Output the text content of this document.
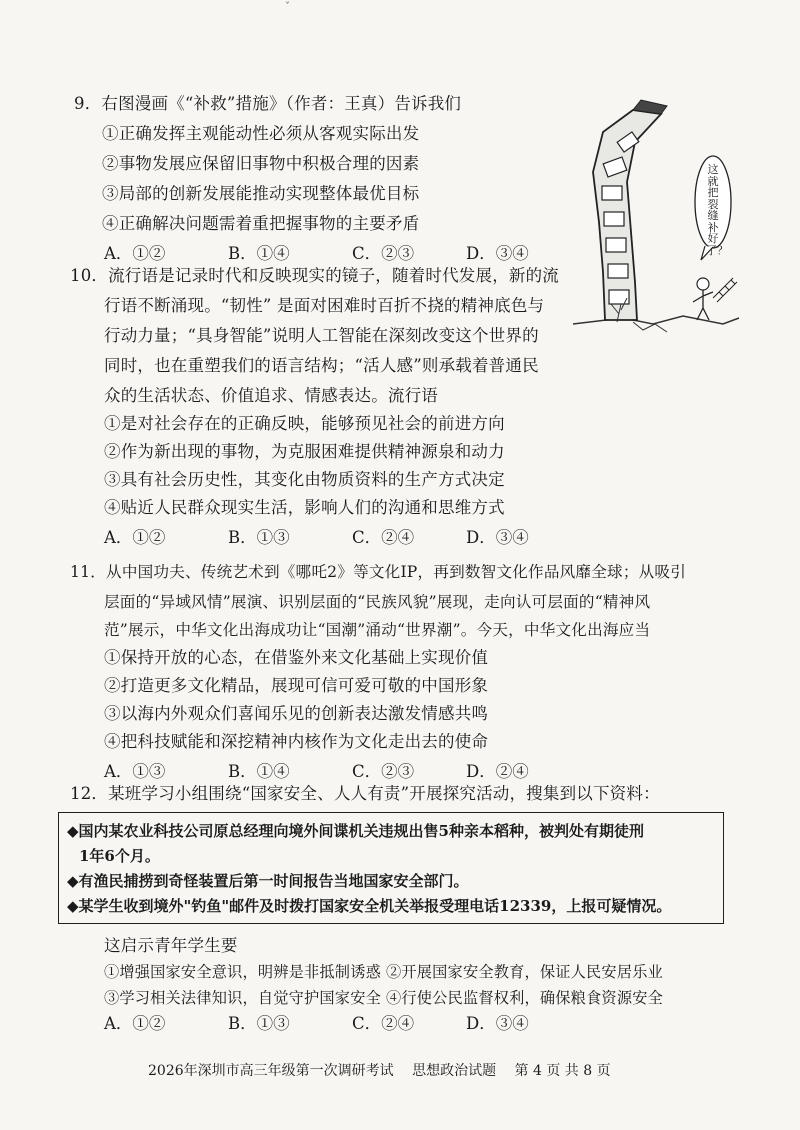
ˇ
9．右图漫画《“补救”措施》（作者：王真）告诉我们
①正确发挥主观能动性必须从客观实际出发
②事物发展应保留旧事物中积极合理的因素
③局部的创新发展能推动实现整体最优目标
④正确解决问题需着重把握事物的主要矛盾
A．①②	B．①④	C．②③	D．③④
这就把裂缝补好了？
10．流行语是记录时代和反映现实的镜子，随着时代发展，新的流
行语不断涌现。“韧性” 是面对困难时百折不挠的精神底色与
行动力量；“具身智能”说明人工智能在深刻改变这个世界的
同时，也在重塑我们的语言结构；“活人感”则承载着普通民
众的生活状态、价值追求、情感表达。流行语
①是对社会存在的正确反映，能够预见社会的前进方向
②作为新出现的事物，为克服困难提供精神源泉和动力
③具有社会历史性，其变化由物质资料的生产方式决定
④贴近人民群众现实生活，影响人们的沟通和思维方式
A．①②	B．①③	C．②④	D．③④
11．从中国功夫、传统艺术到《哪吒2》等文化IP，再到数智文化作品风靡全球；从吸引
层面的“异域风情”展演、识别层面的“民族风貌”展现，走向认可层面的“精神风
范”展示，中华文化出海成功让“国潮”涌动“世界潮”。今天，中华文化出海应当
①保持开放的心态，在借鉴外来文化基础上实现价值
②打造更多文化精品，展现可信可爱可敬的中国形象
③以海内外观众们喜闻乐见的创新表达激发情感共鸣
④把科技赋能和深挖精神内核作为文化走出去的使命
A．①③	B．①④	C．②③	D．②④
12．某班学习小组围绕“国家安全、人人有责”开展探究活动，搜集到以下资料：
◆国内某农业科技公司原总经理向境外间谍机关违规出售5种亲本稻种，被判处有期徒刑
1年6个月。
◆有渔民捕捞到奇怪装置后第一时间报告当地国家安全部门。
◆某学生收到境外"钓鱼"邮件及时拨打国家安全机关举报受理电话12339，上报可疑情况。
这启示青年学生要
①增强国家安全意识，明辨是非抵制诱惑 ②开展国家安全教育，保证人民安居乐业
③学习相关法律知识，自觉守护国家安全 ④行使公民监督权利，确保粮食资源安全
A．①②	B．①③	C．②④	D．③④
2026年深圳市高三年级第一次调研考试 思想政治试题 第 4 页 共 8 页
